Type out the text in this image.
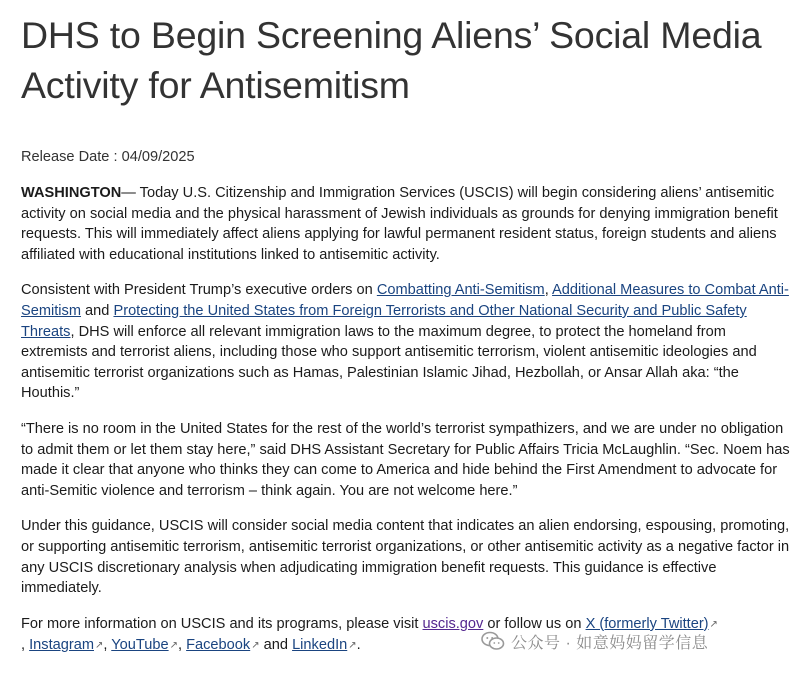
DHS to Begin Screening Aliens’ Social Media Activity for Antisemitism
Release Date : 04/09/2025

WASHINGTON— Today U.S. Citizenship and Immigration Services (USCIS) will begin considering aliens’ antisemitic activity on social media and the physical harassment of Jewish individuals as grounds for denying immigration benefit requests. This will immediately affect aliens applying for lawful permanent resident status, foreign students and aliens affiliated with educational institutions linked to antisemitic activity.

Consistent with President Trump’s executive orders on Combatting Anti-Semitism, Additional Measures to Combat Anti-Semitism and Protecting the United States from Foreign Terrorists and Other National Security and Public Safety Threats, DHS will enforce all relevant immigration laws to the maximum degree, to protect the homeland from extremists and terrorist aliens, including those who support antisemitic terrorism, violent antisemitic ideologies and antisemitic terrorist organizations such as Hamas, Palestinian Islamic Jihad, Hezbollah, or Ansar Allah aka: “the Houthis.”

“There is no room in the United States for the rest of the world’s terrorist sympathizers, and we are under no obligation to admit them or let them stay here,” said DHS Assistant Secretary for Public Affairs Tricia McLaughlin. “Sec. Noem has made it clear that anyone who thinks they can come to America and hide behind the First Amendment to advocate for anti-Semitic violence and terrorism – think again. You are not welcome here.”

Under this guidance, USCIS will consider social media content that indicates an alien endorsing, espousing, promoting, or supporting antisemitic terrorism, antisemitic terrorist organizations, or other antisemitic activity as a negative factor in any USCIS discretionary analysis when adjudicating immigration benefit requests. This guidance is effective immediately.

For more information on USCIS and its programs, please visit uscis.gov or follow us on X (formerly Twitter)↗
, Instagram↗, YouTube↗, Facebook↗ and LinkedIn↗.	公众号 · 如意妈妈留学信息
